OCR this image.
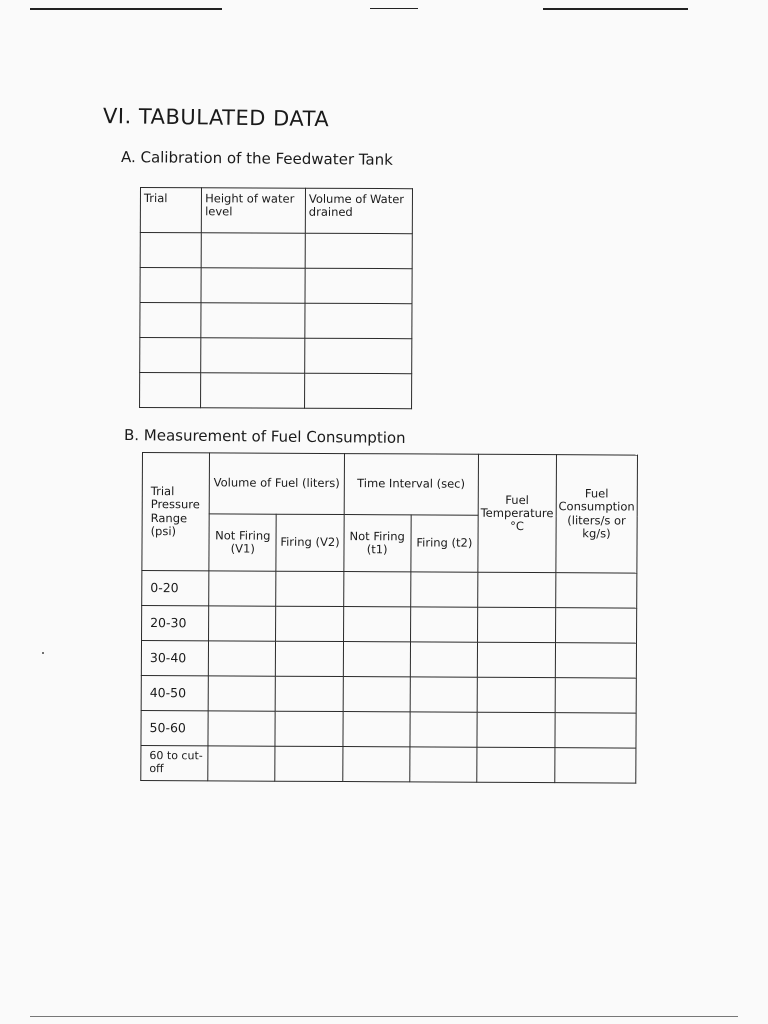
VI. TABULATED DATA
A. Calibration of the Feedwater Tank
Trial	Height of water level	Volume of Water drained

B. Measurement of Fuel Consumption
Trial Pressure Range (psi)	Volume of Fuel (liters)		Time Interval (sec)		Fuel Temperature °C	Fuel Consumption (liters/s or kg/s)
	Not Firing (V1)	Firing (V2)	Not Firing (t1)	Firing (t2)		
0-20						
20-30						
30-40						
40-50						
50-60						
60 to cut-off						
